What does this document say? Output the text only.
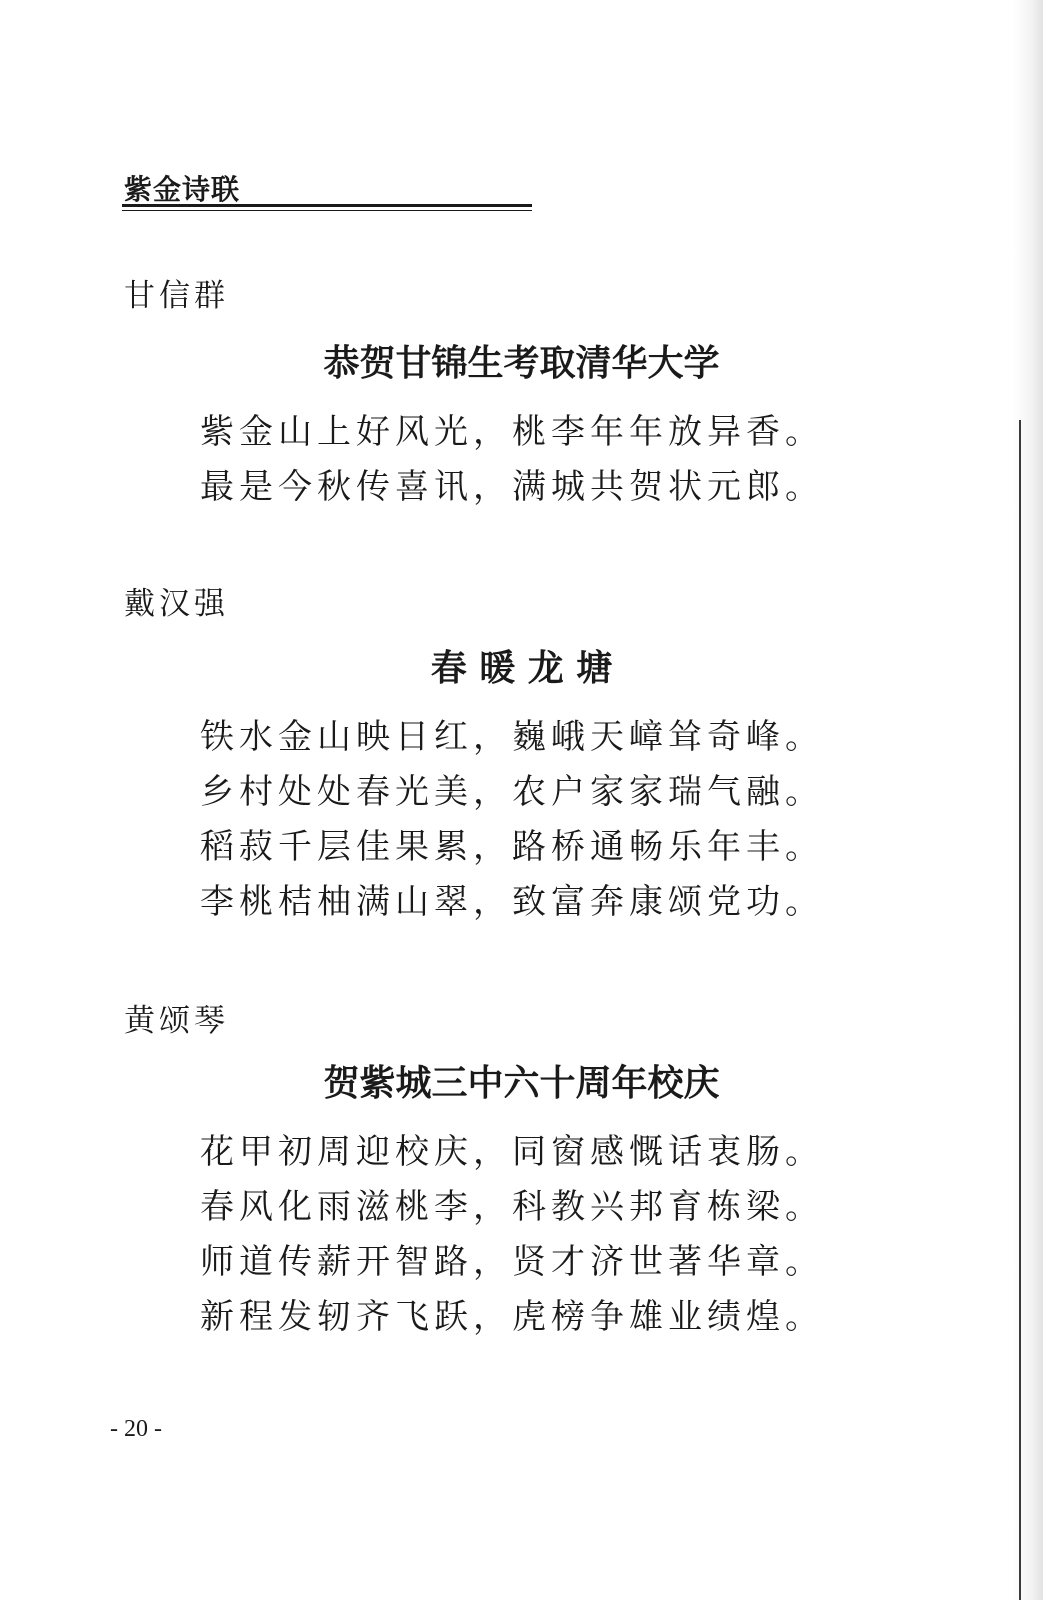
紫金诗联
甘信群
恭贺甘锦生考取清华大学
紫金山上好风光，桃李年年放异香。
最是今秋传喜讯，满城共贺状元郎。
戴汉强
春 暖 龙 塘
铁水金山映日红，巍峨天嶂耸奇峰。
乡村处处春光美，农户家家瑞气融。
稻菽千层佳果累，路桥通畅乐年丰。
李桃桔柚满山翠，致富奔康颂党功。
黄颂琴
贺紫城三中六十周年校庆
花甲初周迎校庆，同窗感慨话衷肠。
春风化雨滋桃李，科教兴邦育栋梁。
师道传薪开智路，贤才济世著华章。
新程发轫齐飞跃，虎榜争雄业绩煌。
- 20 -
